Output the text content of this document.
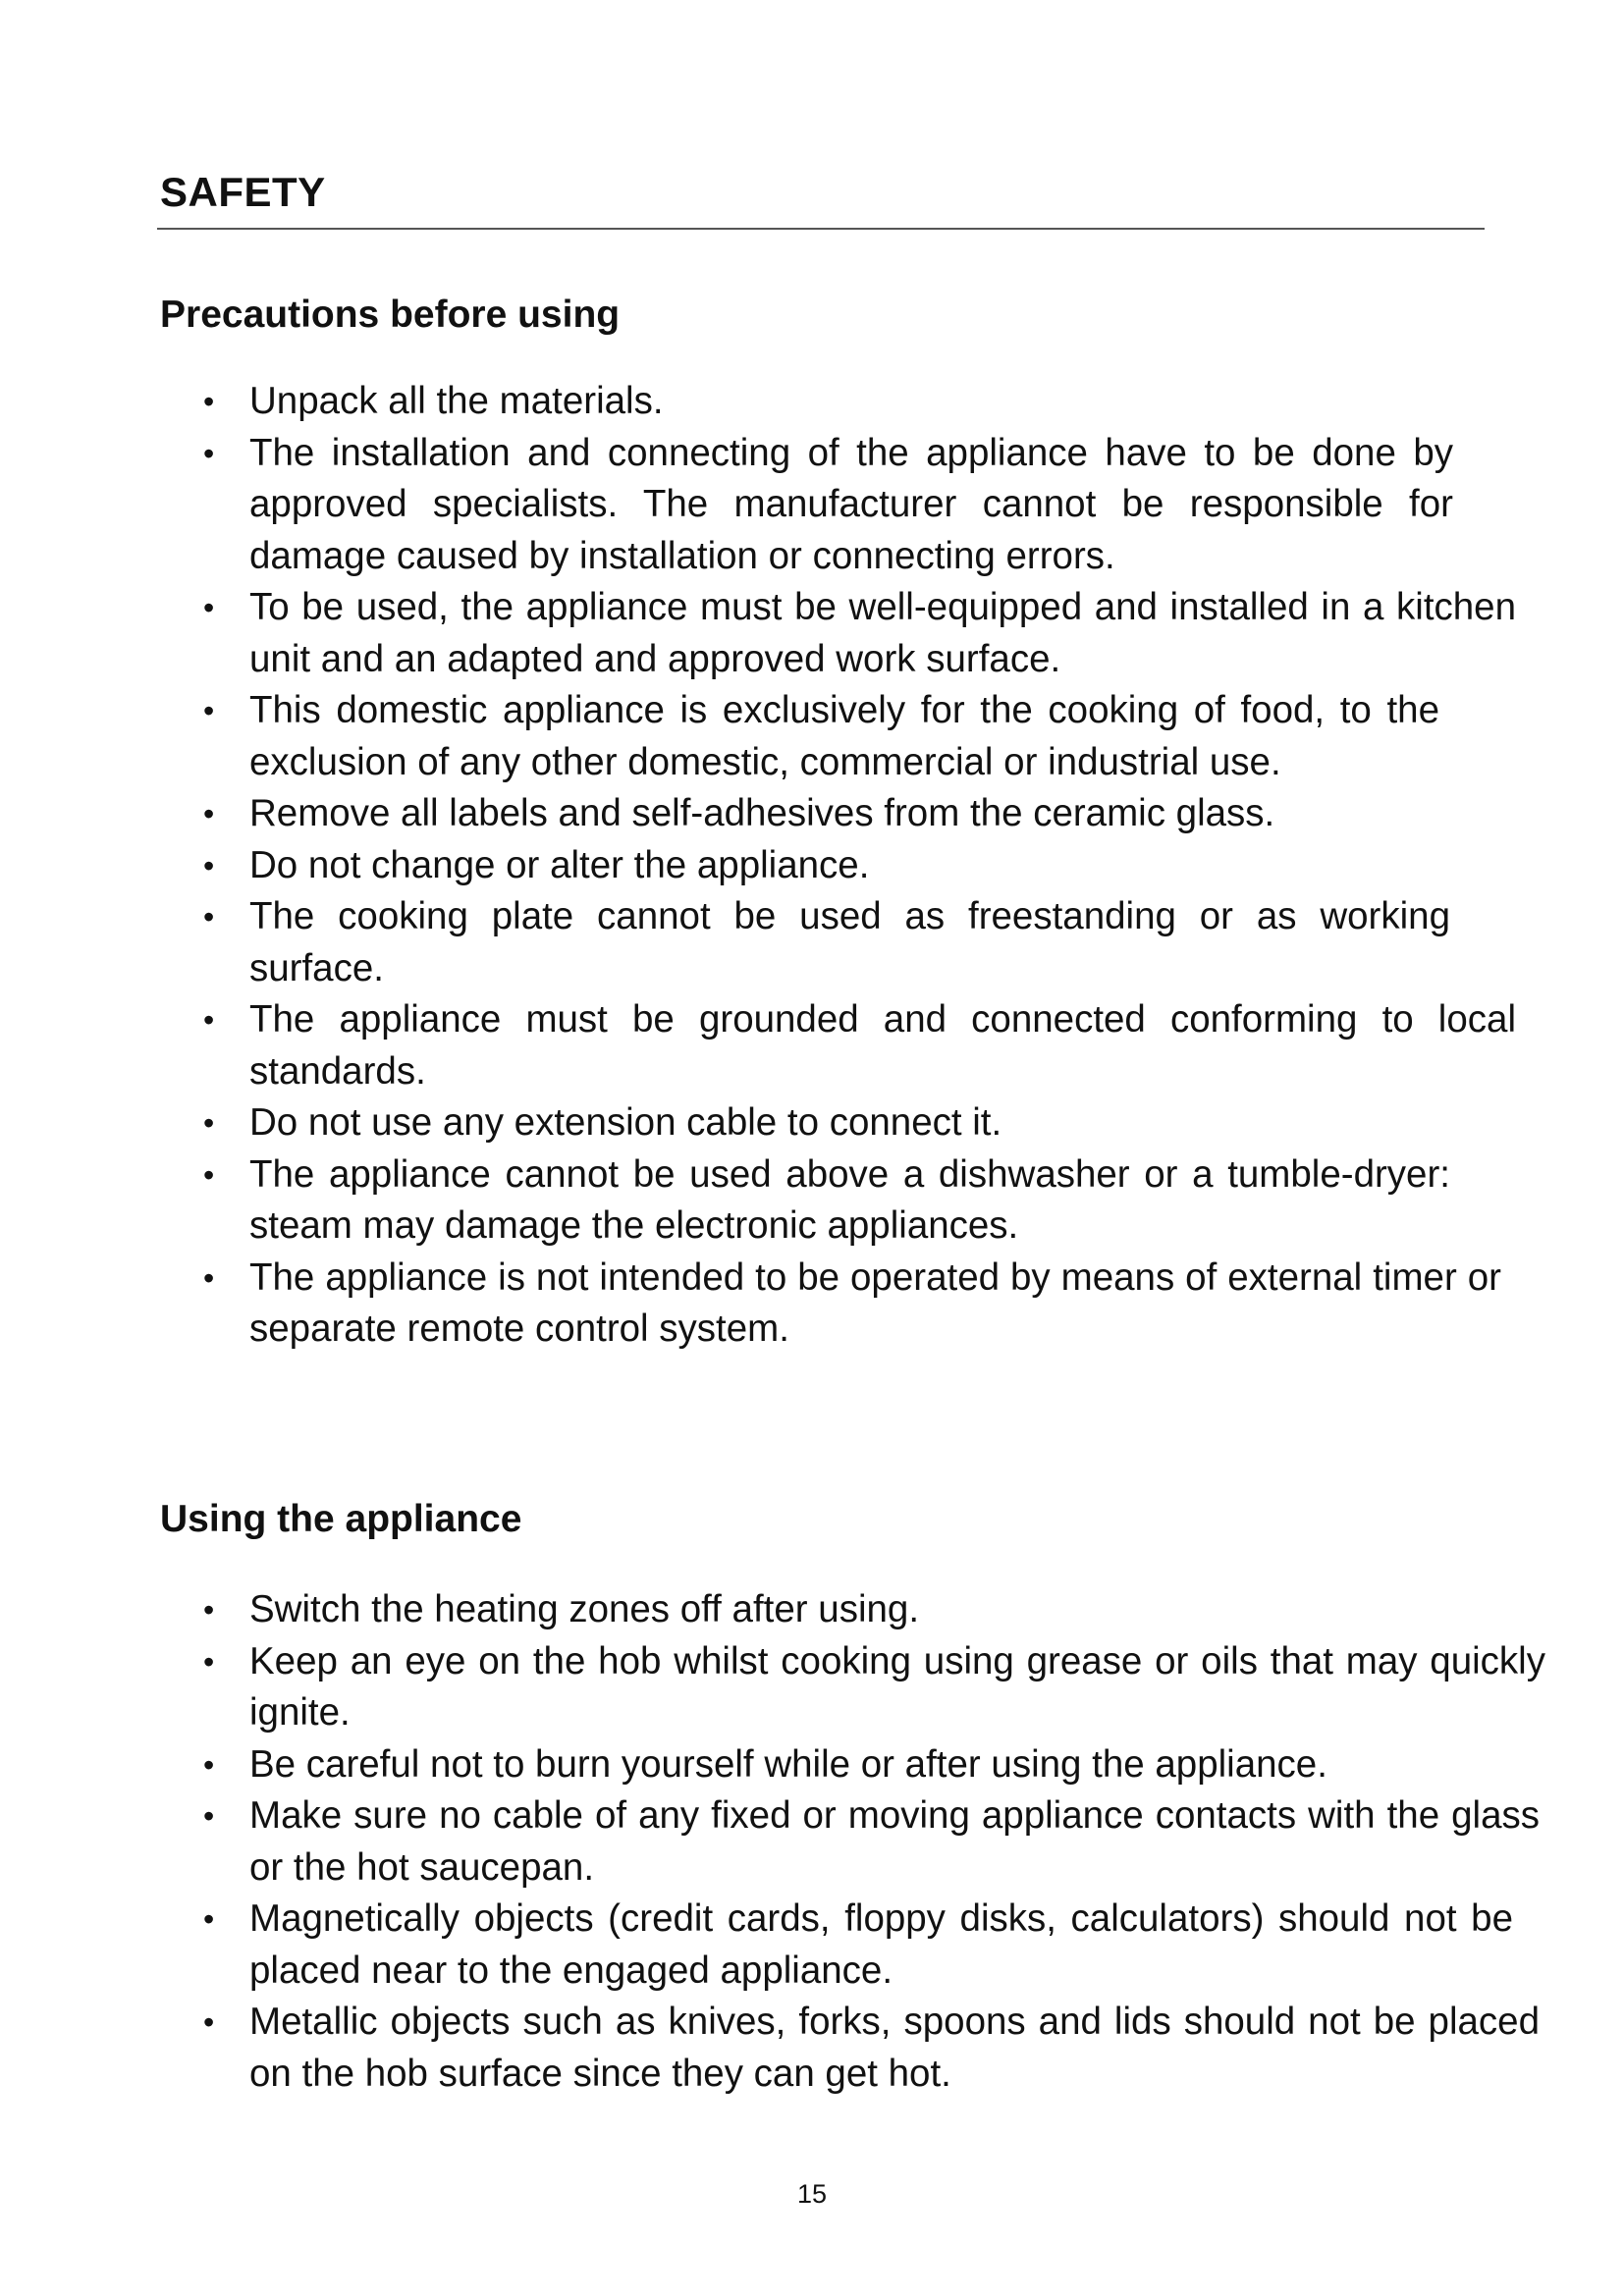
SAFETY
Precautions before using
• Unpack all the materials.
• The installation and connecting of the appliance have to be done by approved specialists. The manufacturer cannot be responsible for damage caused by installation or connecting errors.
• To be used, the appliance must be well-equipped and installed in a kitchen unit and an adapted and approved work surface.
• This domestic appliance is exclusively for the cooking of food, to the exclusion of any other domestic, commercial or industrial use.
• Remove all labels and self-adhesives from the ceramic glass.
• Do not change or alter the appliance.
• The cooking plate cannot be used as freestanding or as working surface.
• The appliance must be grounded and connected conforming to local standards.
• Do not use any extension cable to connect it.
• The appliance cannot be used above a dishwasher or a tumble-dryer: steam may damage the electronic appliances.
• The appliance is not intended to be operated by means of external timer or separate remote control system.
Using the appliance
• Switch the heating zones off after using.
• Keep an eye on the hob whilst cooking using grease or oils that may quickly ignite.
• Be careful not to burn yourself while or after using the appliance.
• Make sure no cable of any fixed or moving appliance contacts with the glass or the hot saucepan.
• Magnetically objects (credit cards, floppy disks, calculators) should not be placed near to the engaged appliance.
• Metallic objects such as knives, forks, spoons and lids should not be placed on the hob surface since they can get hot.
15
